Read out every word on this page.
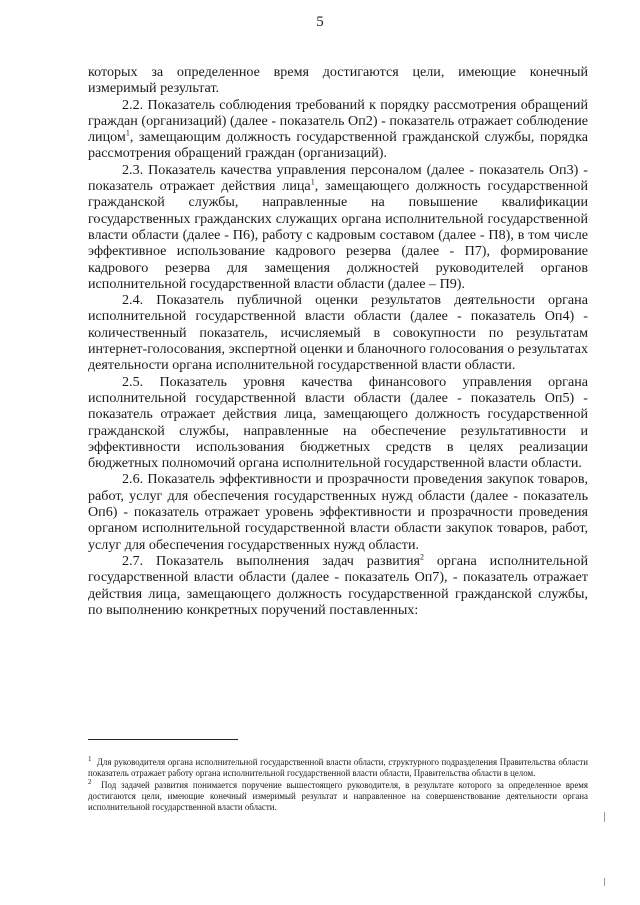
5

которых за определенное время достигаются цели, имеющие конечный измеримый результат.

2.2. Показатель соблюдения требований к порядку рассмотрения обращений граждан (организаций) (далее - показатель Оп2) - показатель отражает соблюдение лицом$^1$, замещающим должность государственной гражданской службы, порядка рассмотрения обращений граждан (организаций).

2.3. Показатель качества управления персоналом (далее - показатель Оп3) - показатель отражает действия лица$^1$, замещающего должность государственной гражданской службы, направленные на повышение квалификации государственных гражданских служащих органа исполнительной государственной власти области (далее - П6), работу с кадровым составом (далее - П8), в том числе эффективное использование кадрового резерва (далее - П7), формирование кадрового резерва для замещения должностей руководителей органов исполнительной государственной власти области (далее – П9).

2.4. Показатель публичной оценки результатов деятельности органа исполнительной государственной власти области (далее - показатель Оп4) - количественный показатель, исчисляемый в совокупности по результатам интернет-голосования, экспертной оценки и бланочного голосования о результатах деятельности органа исполнительной государственной власти области.

2.5. Показатель уровня качества финансового управления органа исполнительной государственной власти области (далее - показатель Оп5) - показатель отражает действия лица, замещающего должность государственной гражданской службы, направленные на обеспечение результативности и эффективности использования бюджетных средств в целях реализации бюджетных полномочий органа исполнительной государственной власти области.

2.6. Показатель эффективности и прозрачности проведения закупок товаров, работ, услуг для обеспечения государственных нужд области (далее - показатель Оп6) - показатель отражает уровень эффективности и прозрачности проведения органом исполнительной государственной власти области закупок товаров, работ, услуг для обеспечения государственных нужд области.

2.7. Показатель выполнения задач развития$^2$ органа исполнительной государственной власти области (далее - показатель Оп7), - показатель отражает действия лица, замещающего должность государственной гражданской службы, по выполнению конкретных поручений поставленных:

$^1$ Для руководителя органа исполнительной государственной власти области, структурного подразделения Правительства области показатель отражает работу органа исполнительной государственной власти области, Правительства области в целом.

$^2$ Под задачей развития понимается поручение вышестоящего руководителя, в результате которого за определенное время достигаются цели, имеющие конечный измеримый результат и направленное на совершенствование деятельности органа исполнительной государственной власти области.
